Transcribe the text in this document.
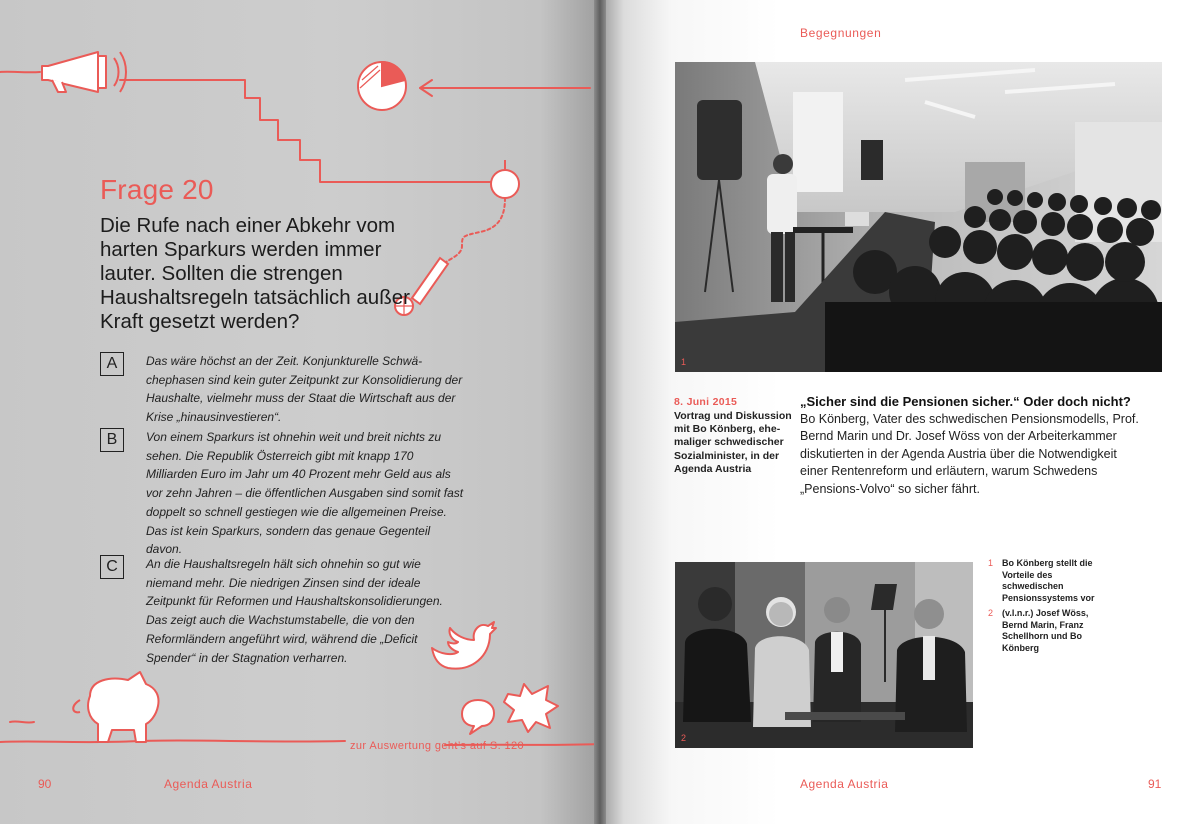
Frage 20

Die Rufe nach einer Abkehr vom harten Sparkurs werden immer lauter. Sollten die strengen Haushaltsregeln tatsächlich außer Kraft gesetzt werden?

A	Das wäre höchst an der Zeit. Konjunkturelle Schwächephasen sind kein guter Zeitpunkt zur Konsolidierung der Haushalte, vielmehr muss der Staat die Wirtschaft aus der Krise „hinausinvestieren“.

B	Von einem Sparkurs ist ohnehin weit und breit nichts zu sehen. Die Republik Österreich gibt mit knapp 170 Milliarden Euro im Jahr um 40 Prozent mehr Geld aus als vor zehn Jahren – die öffentlichen Ausgaben sind somit fast doppelt so schnell gestiegen wie die allgemeinen Preise. Das ist kein Sparkurs, sondern das genaue Gegenteil davon.

C	An die Haushaltsregeln hält sich ohnehin so gut wie niemand mehr. Die niedrigen Zinsen sind der ideale Zeitpunkt für Reformen und Haushaltskonsolidierungen. Das zeigt auch die Wachstumstabelle, die von den Reformländern angeführt wird, während die „Deficit Spender“ in der Stagnation verharren.

zur Auswertung geht’s auf S. 120
90	Agenda Austria
Begegnungen
1
8. Juni 2015

Vortrag und Diskussion mit Bo Könberg, ehemaliger schwedischer Sozialminister, in der Agenda Austria

„Sicher sind die Pensionen sicher.“ Oder doch nicht?

Bo Könberg, Vater des schwedischen Pensionsmodells, Prof. Bernd Marin und Dr. Josef Wöss von der Arbeiterkammer diskutierten in der Agenda Austria über die Notwendigkeit einer Rentenreform und erläutern, warum Schwedens „Pensions-Volvo“ so sicher fährt.

2
1 Bo Könberg stellt die Vorteile des schwedischen Pensionssystems vor
2 (v.l.n.r.) Josef Wöss, Bernd Marin, Franz Schellhorn und Bo Könberg
Agenda Austria	91
